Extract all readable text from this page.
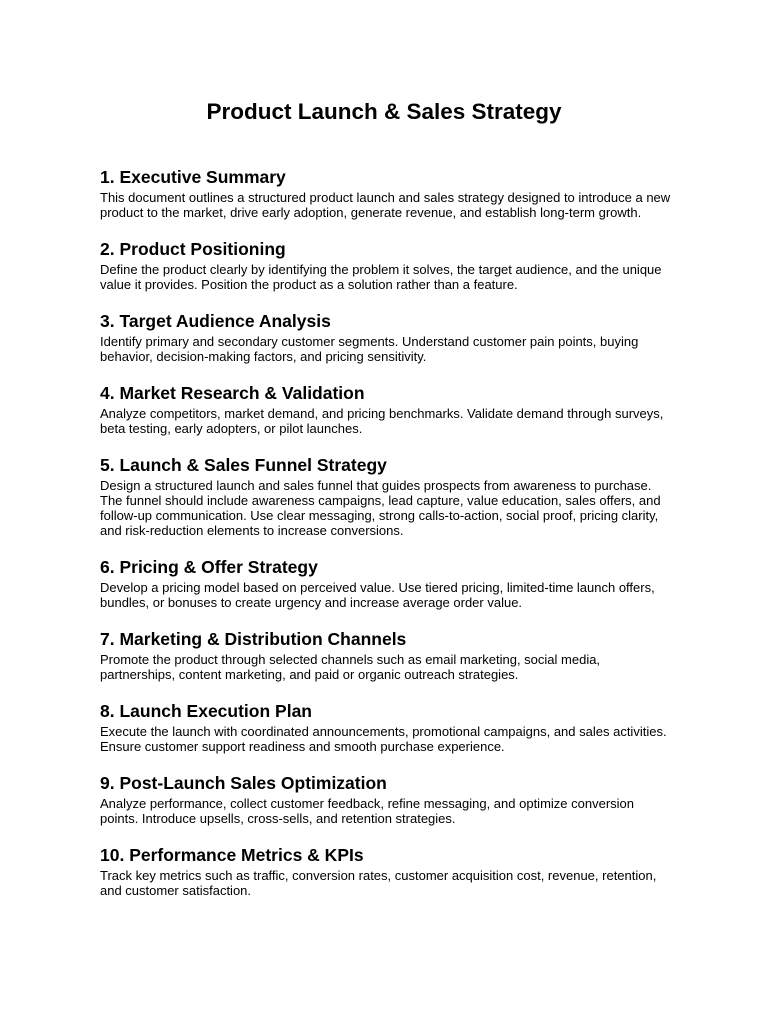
Product Launch & Sales Strategy
1. Executive Summary

This document outlines a structured product launch and sales strategy designed to introduce a new product to the market, drive early adoption, generate revenue, and establish long-term growth.

2. Product Positioning

Define the product clearly by identifying the problem it solves, the target audience, and the unique value it provides. Position the product as a solution rather than a feature.

3. Target Audience Analysis

Identify primary and secondary customer segments. Understand customer pain points, buying behavior, decision-making factors, and pricing sensitivity.

4. Market Research & Validation

Analyze competitors, market demand, and pricing benchmarks. Validate demand through surveys, beta testing, early adopters, or pilot launches.

5. Launch & Sales Funnel Strategy

Design a structured launch and sales funnel that guides prospects from awareness to purchase. The funnel should include awareness campaigns, lead capture, value education, sales offers, and follow-up communication. Use clear messaging, strong calls-to-action, social proof, pricing clarity, and risk-reduction elements to increase conversions.

6. Pricing & Offer Strategy

Develop a pricing model based on perceived value. Use tiered pricing, limited-time launch offers, bundles, or bonuses to create urgency and increase average order value.

7. Marketing & Distribution Channels

Promote the product through selected channels such as email marketing, social media, partnerships, content marketing, and paid or organic outreach strategies.

8. Launch Execution Plan

Execute the launch with coordinated announcements, promotional campaigns, and sales activities. Ensure customer support readiness and smooth purchase experience.

9. Post-Launch Sales Optimization

Analyze performance, collect customer feedback, refine messaging, and optimize conversion points. Introduce upsells, cross-sells, and retention strategies.

10. Performance Metrics & KPIs

Track key metrics such as traffic, conversion rates, customer acquisition cost, revenue, retention, and customer satisfaction.
